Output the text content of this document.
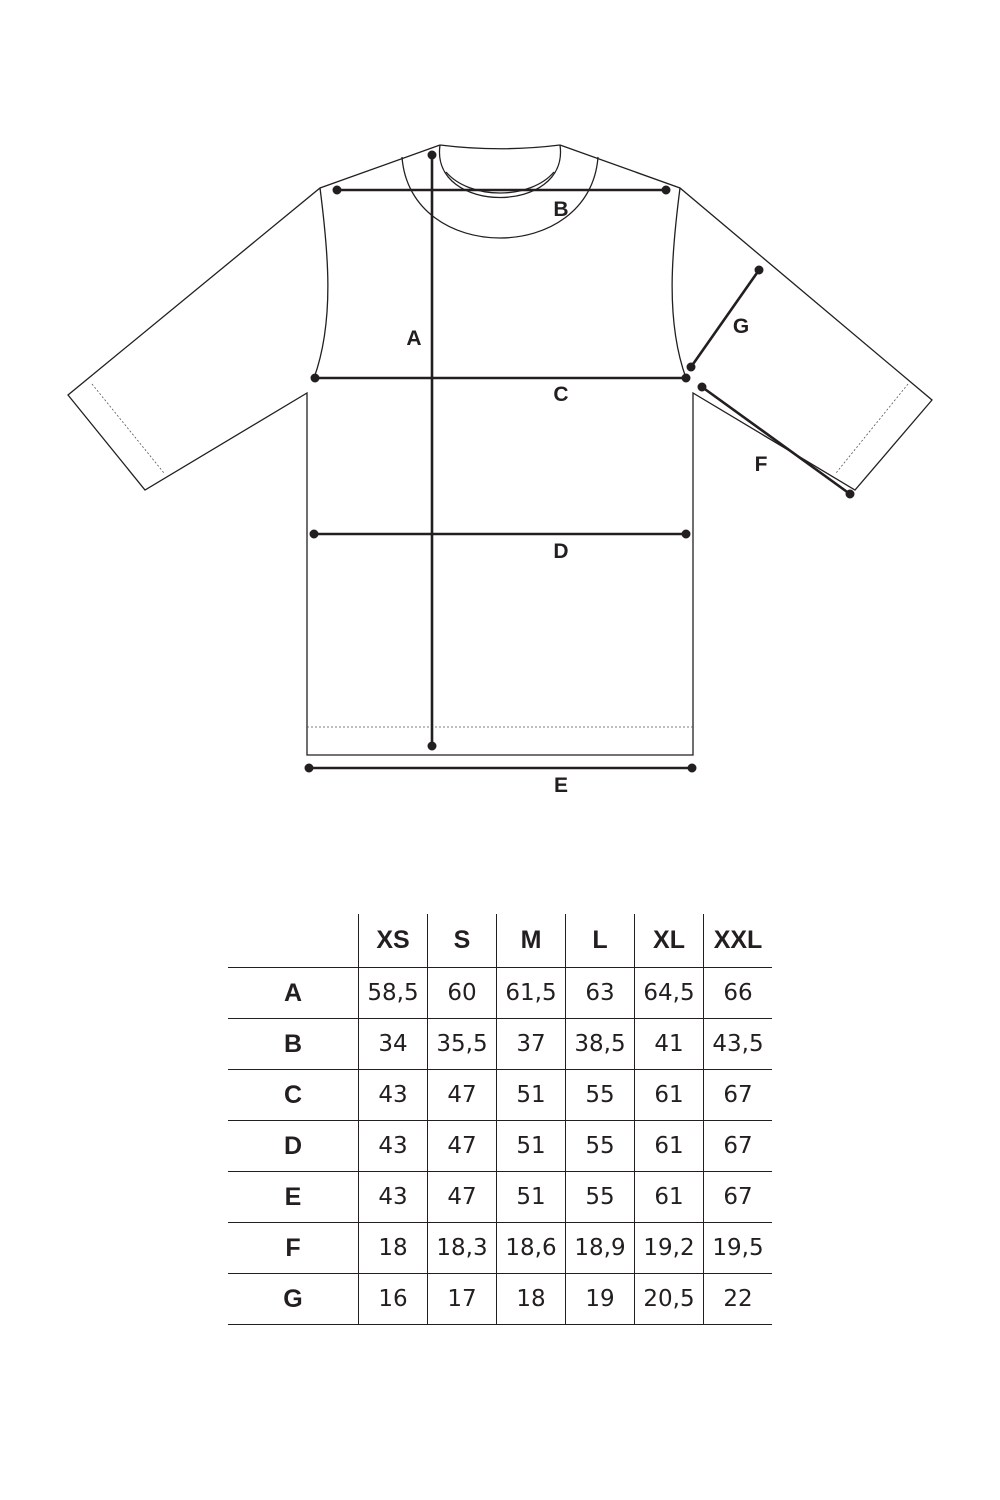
A
B
C
D
E
F
G
	XS	S	M	L	XL	XXL
A	58,5	60	61,5	63	64,5	66
B	34	35,5	37	38,5	41	43,5
C	43	47	51	55	61	67
D	43	47	51	55	61	67
E	43	47	51	55	61	67
F	18	18,3	18,6	18,9	19,2	19,5
G	16	17	18	19	20,5	22
